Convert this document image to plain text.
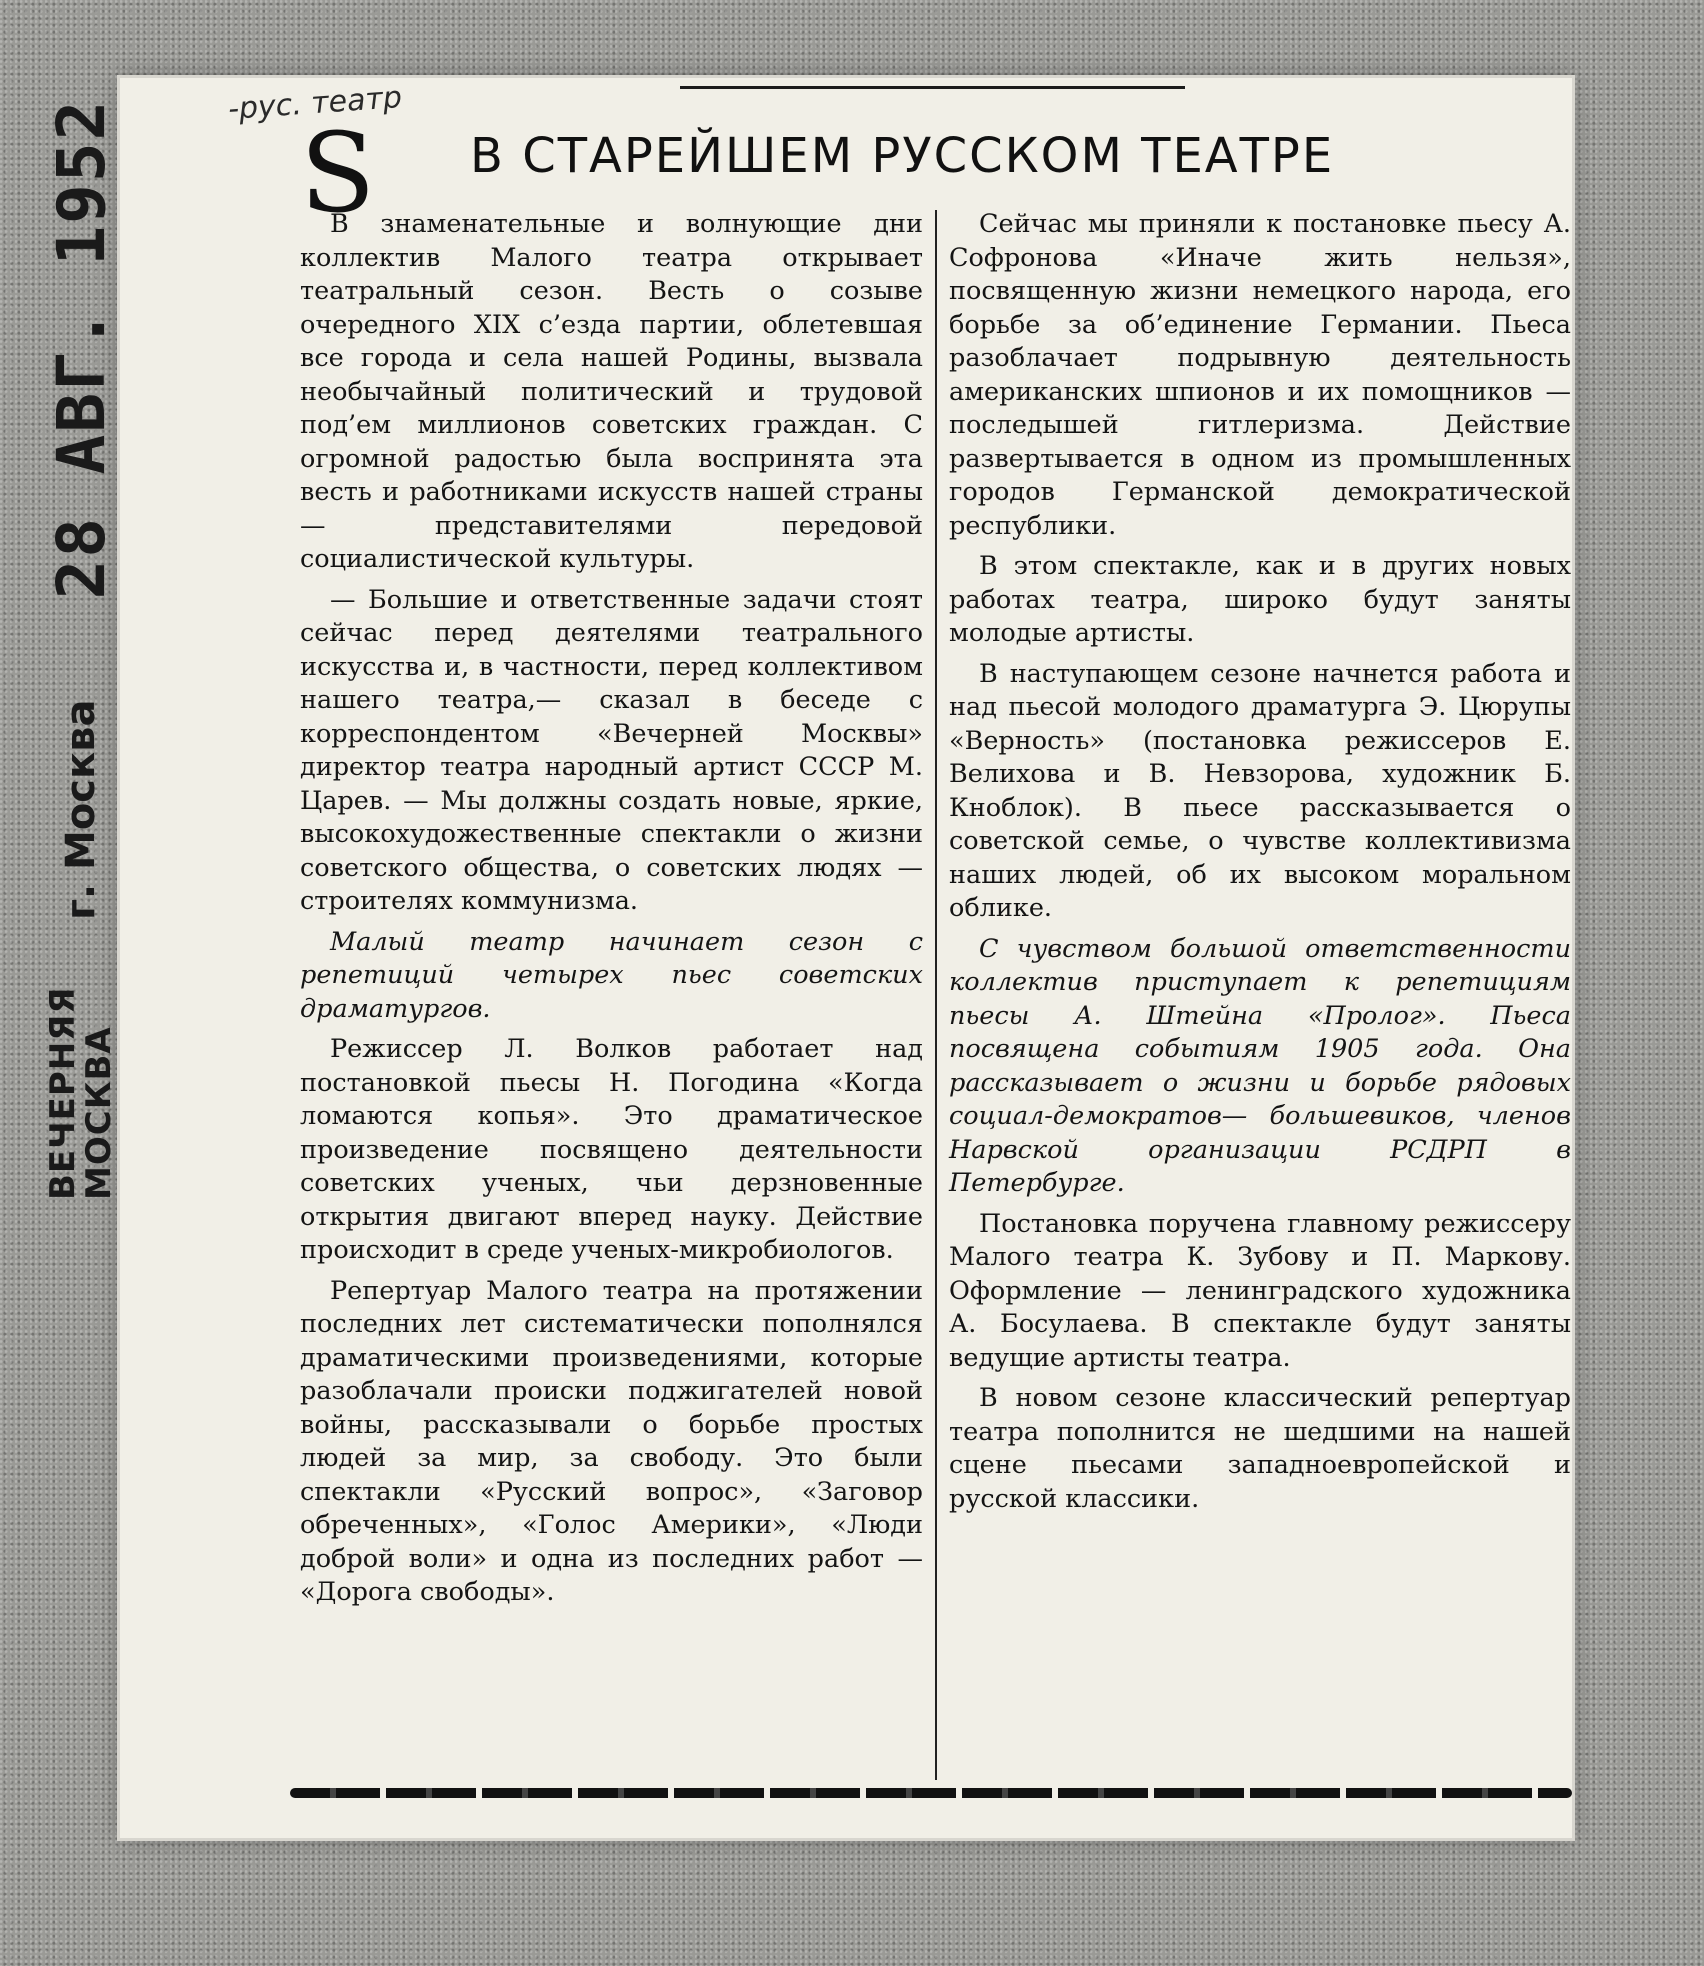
ВЕЧЕРНЯЯ МОСКВА
г. Москва
28 АВГ. 1952	-рус. театр
S В СТАРЕЙШЕМ РУССКОМ ТЕАТРЕ

В знаменательные и волнующие дни коллектив Малого театра открывает театральный сезон. Весть о созыве очередного XIX с’езда партии, облетевшая все города и села нашей Родины, вызвала необычайный политический и трудовой под’ем миллионов советских граждан. С огромной радостью была воспринята эта весть и работниками искусств нашей страны — представителями передовой социалистической культуры.

— Большие и ответственные задачи стоят сейчас перед деятелями театрального искусства и, в частности, перед коллективом нашего театра,— сказал в беседе с корреспондентом «Вечерней Москвы» директор театра народный артист СССР М. Царев. — Мы должны создать новые, яркие, высокохудожественные спектакли о жизни советского общества, о советских людях — строителях коммунизма.

Малый театр начинает сезон с репетиций четырех пьес советских драматургов.

Режиссер Л. Волков работает над постановкой пьесы Н. Погодина «Когда ломаются копья». Это драматическое произведение посвящено деятельности советских ученых, чьи дерзновенные открытия двигают вперед науку. Действие происходит в среде ученых-микробиологов.

Репертуар Малого театра на протяжении последних лет систематически пополнялся драматическими произведениями, которые разоблачали происки поджигателей новой войны, рассказывали о борьбе простых людей за мир, за свободу. Это были спектакли «Русский вопрос», «Заговор обреченных», «Голос Америки», «Люди доброй воли» и одна из последних работ — «Дорога свободы».

Сейчас мы приняли к постановке пьесу А. Софронова «Иначе жить нельзя», посвященную жизни немецкого народа, его борьбе за об’единение Германии. Пьеса разоблачает подрывную деятельность американских шпионов и их помощников — последышей гитлеризма. Действие развертывается в одном из промышленных городов Германской демократической республики.

В этом спектакле, как и в других новых работах театра, широко будут заняты молодые артисты.

В наступающем сезоне начнется работа и над пьесой молодого драматурга Э. Цюрупы «Верность» (постановка режиссеров Е. Велихова и В. Невзорова, художник Б. Кноблок). В пьесе рассказывается о советской семье, о чувстве коллективизма наших людей, об их высоком моральном облике.

С чувством большой ответственности коллектив приступает к репетициям пьесы А. Штейна «Пролог». Пьеса посвящена событиям 1905 года. Она рассказывает о жизни и борьбе рядовых социал-демократов— большевиков, членов Нарвской организации РСДРП в Петербурге.

Постановка поручена главному режиссеру Малого театра К. Зубову и П. Маркову. Оформление — ленинградского художника А. Босулаева. В спектакле будут заняты ведущие артисты театра.

В новом сезоне классический репертуар театра пополнится не шедшими на нашей сцене пьесами западноевропейской и русской классики.
